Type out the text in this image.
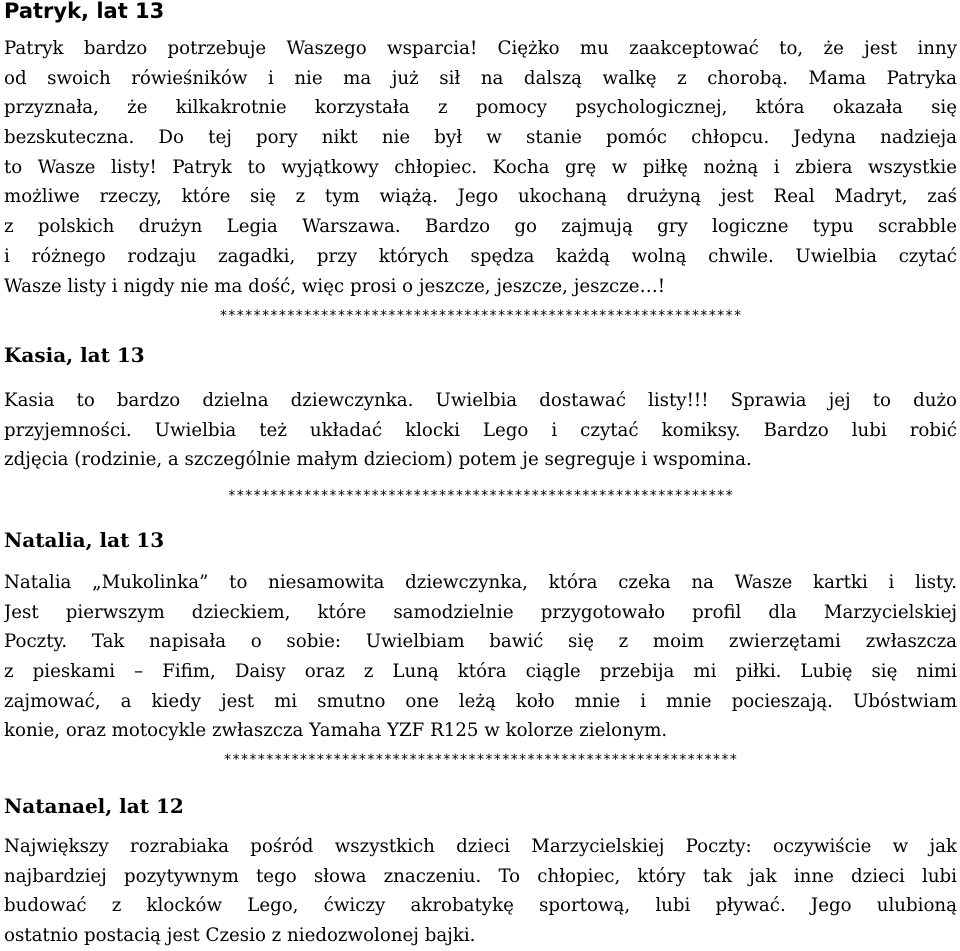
Patryk, lat 13
Patryk bardzo potrzebuje Waszego wsparcia! Ciężko mu zaakceptować to, że jest inny
od swoich rówieśników i nie ma już sił na dalszą walkę z chorobą. Mama Patryka
przyznała, że kilkakrotnie korzystała z pomocy psychologicznej, która okazała się
bezskuteczna. Do tej pory nikt nie był w stanie pomóc chłopcu. Jedyna nadzieja
to Wasze listy! Patryk to wyjątkowy chłopiec. Kocha grę w piłkę nożną i zbiera wszystkie
możliwe rzeczy, które się z tym wiążą. Jego ukochaną drużyną jest Real Madryt, zaś
z polskich drużyn Legia Warszawa. Bardzo go zajmują gry logiczne typu scrabble
i różnego rodzaju zagadki, przy których spędza każdą wolną chwile. Uwielbia czytać
Wasze listy i nigdy nie ma dość, więc prosi o jeszcze, jeszcze, jeszcze…!
**************************************************************
Kasia, lat 13
Kasia to bardzo dzielna dziewczynka. Uwielbia dostawać listy!!! Sprawia jej to dużo
przyjemności. Uwielbia też układać klocki Lego i czytać komiksy. Bardzo lubi robić
zdjęcia (rodzinie, a szczególnie małym dzieciom) potem je segreguje i wspomina.
************************************************************
Natalia, lat 13
Natalia „Mukolinka” to niesamowita dziewczynka, która czeka na Wasze kartki i listy.
Jest pierwszym dzieckiem, które samodzielnie przygotowało profil dla Marzycielskiej
Poczty. Tak napisała o sobie: Uwielbiam bawić się z moim zwierzętami zwłaszcza
z pieskami – Fifim, Daisy oraz z Luną która ciągle przebija mi piłki. Lubię się nimi
zajmować, a kiedy jest mi smutno one leżą koło mnie i mnie pocieszają. Ubóstwiam
konie, oraz motocykle zwłaszcza Yamaha YZF R125 w kolorze zielonym.
*************************************************************
Natanael, lat 12
Największy rozrabiaka pośród wszystkich dzieci Marzycielskiej Poczty: oczywiście w jak
najbardziej pozytywnym tego słowa znaczeniu. To chłopiec, który tak jak inne dzieci lubi
budować z klocków Lego, ćwiczy akrobatykę sportową, lubi pływać. Jego ulubioną
ostatnio postacią jest Czesio z niedozwolonej bajki.
